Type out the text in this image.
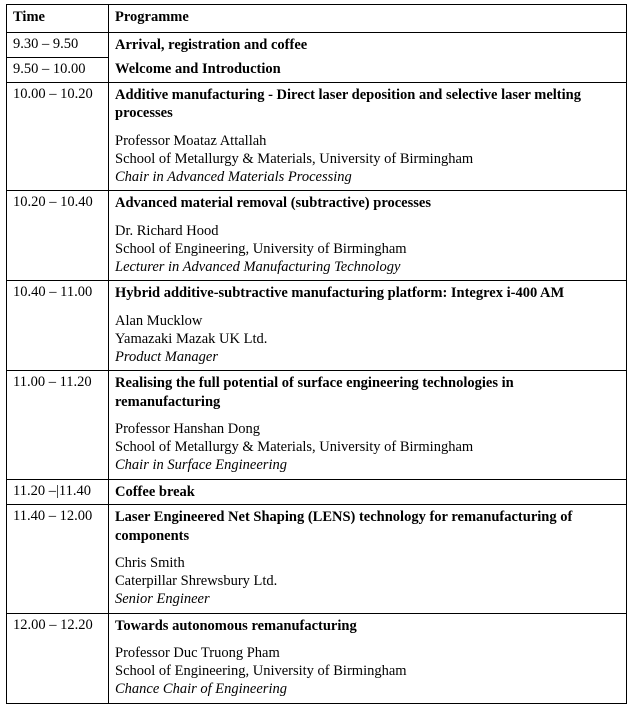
Time	Programme
9.30 – 9.50	Arrival, registration and coffee

9.50 – 10.00	Welcome and Introduction

10.00 – 10.20	Additive manufacturing - Direct laser deposition and selective laser melting processes
Professor Moataz Attallah
School of Metallurgy & Materials, University of Birmingham
Chair in Advanced Materials Processing

10.20 – 10.40	Advanced material removal (subtractive) processes
Dr. Richard Hood
School of Engineering, University of Birmingham
Lecturer in Advanced Manufacturing Technology

10.40 – 11.00	Hybrid additive-subtractive manufacturing platform: Integrex i-400 AM
Alan Mucklow
Yamazaki Mazak UK Ltd.
Product Manager

11.00 – 11.20	Realising the full potential of surface engineering technologies in remanufacturing
Professor Hanshan Dong
School of Metallurgy & Materials, University of Birmingham
Chair in Surface Engineering

11.20 –|11.40	Coffee break

11.40 – 12.00	Laser Engineered Net Shaping (LENS) technology for remanufacturing of components
Chris Smith
Caterpillar Shrewsbury Ltd.
Senior Engineer

12.00 – 12.20	Towards autonomous remanufacturing
Professor Duc Truong Pham
School of Engineering, University of Birmingham
Chance Chair of Engineering
